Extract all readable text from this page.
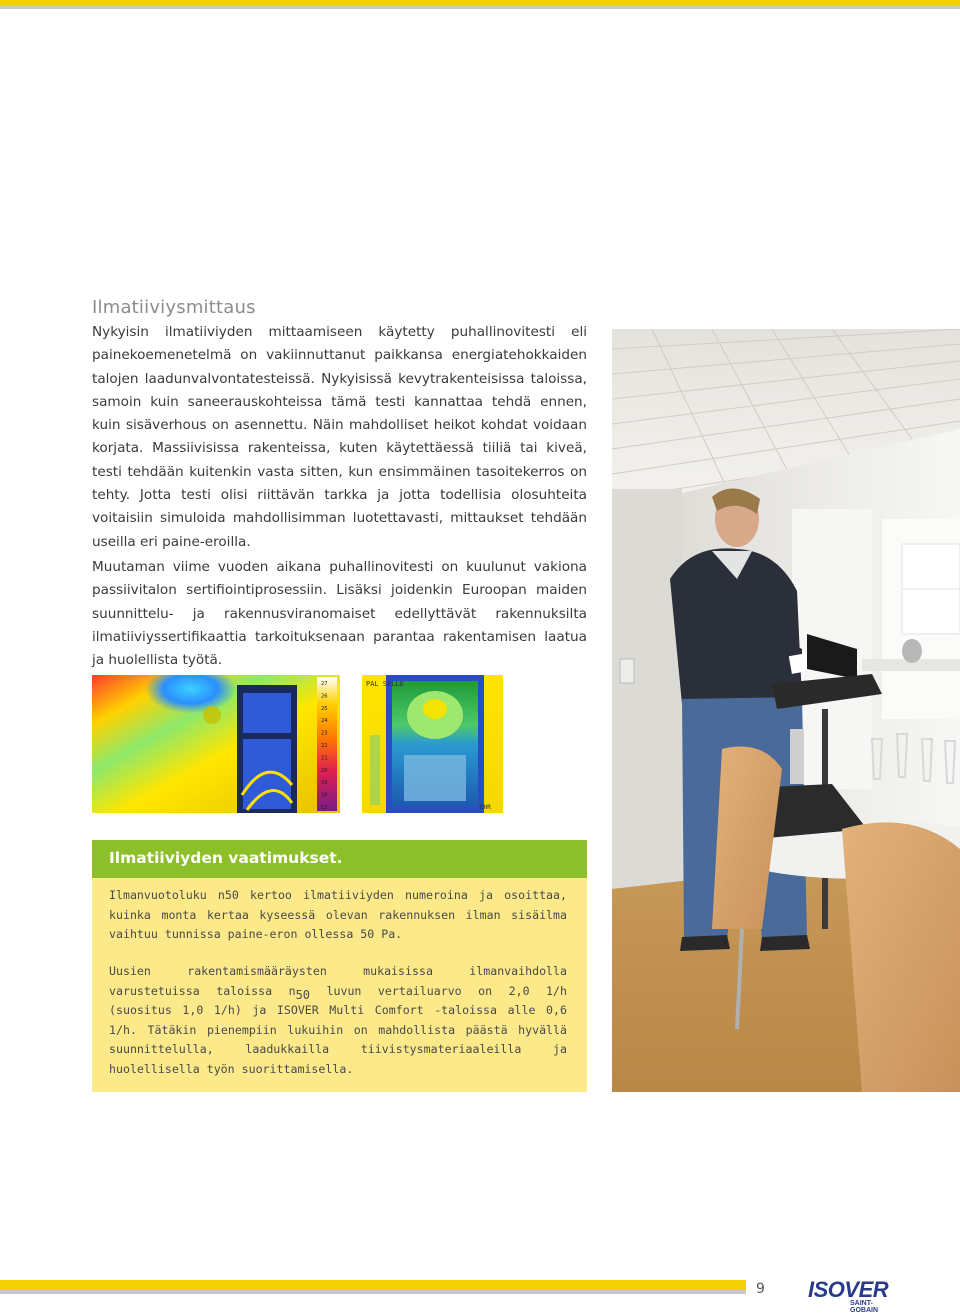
Ilmatiiviysmittaus
Nykyisin ilmatiiviyden mittaamiseen käytetty puhallinovitesti eli painekoemenetelmä on vakiinnuttanut paikkansa energiatehokkaiden talojen laadunvalvontatesteissä. Nykyisissä kevytrakenteisissa taloissa, samoin kuin saneerauskohteissa tämä testi kannattaa tehdä ennen, kuin sisäverhous on asennettu. Näin mahdolliset heikot kohdat voidaan korjata. Massiivisissa rakenteissa, kuten käytettäessä tiiliä tai kiveä, testi tehdään kuitenkin vasta sitten, kun ensimmäinen tasoitekerros on tehty. Jotta testi olisi riittävän tarkka ja jotta todellisia olosuhteita voitaisiin simuloida mahdollisimman luotettavasti, mittaukset tehdään useilla eri paine-eroilla.
Muutaman viime vuoden aikana puhallinovitesti on kuulunut vakiona passiivitalon sertifiointiprosessiin. Lisäksi joidenkin Euroopan maiden suunnittelu- ja rakennusviranomaiset edellyttävät rakennuksilta ilmatiiviyssertifikaattia tarkoituksenaan parantaa rakentamisen laatua ja huolellista työtä.
27
26
25
24
23
22
21
20
19
18
17
PAL SELLE
CHR
Ilmatiiviyden vaatimukset.
Ilmanvuotoluku n50 kertoo ilmatiiviyden numeroina ja osoittaa, kuinka monta kertaa kyseessä olevan rakennuksen ilman sisäilma vaihtuu tunnissa paine-eron ollessa 50 Pa.
Uusien rakentamismääräysten mukaisissa ilmanvaihdolla varustetuissa taloissa n50 luvun vertailuarvo on 2,0 1/h (suositus 1,0 1/h) ja ISOVER Multi Comfort -taloissa alle 0,6 1/h. Tätäkin pienempiin lukuihin on mahdollista päästä hyvällä suunnittelulla, laadukkailla tiivistysmateriaaleilla ja huolellisella työn suorittamisella.
9 ISOVER
SAINT-GOBAIN
